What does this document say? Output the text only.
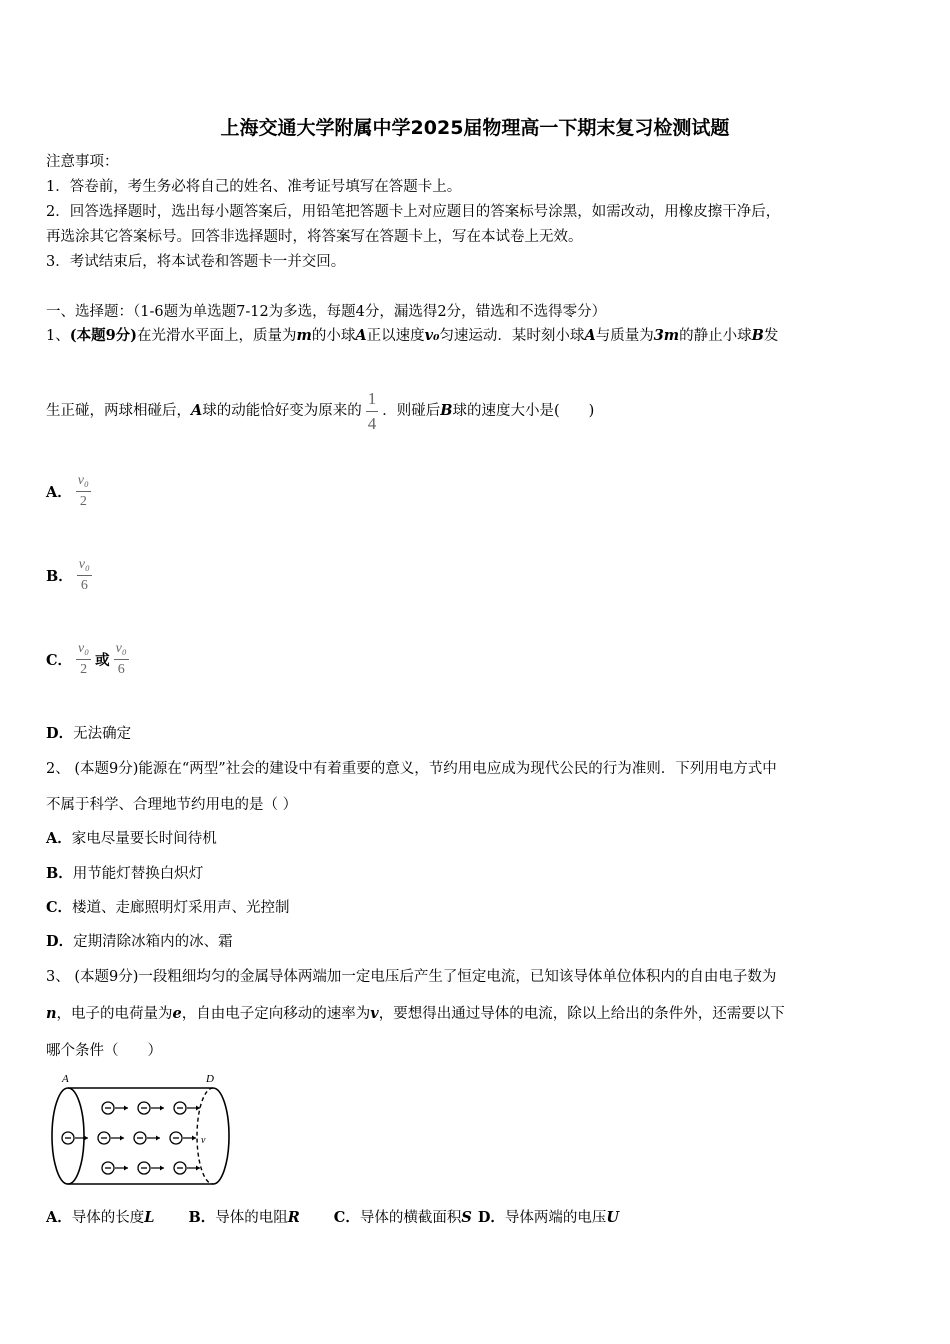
上海交通大学附属中学2025届物理高一下期末复习检测试题
注意事项：
1．答卷前，考生务必将自己的姓名、准考证号填写在答题卡上。
2．回答选择题时，选出每小题答案后，用铅笔把答题卡上对应题目的答案标号涂黑，如需改动，用橡皮擦干净后，
再选涂其它答案标号。回答非选择题时，将答案写在答题卡上，写在本试卷上无效。
3．考试结束后，将本试卷和答题卡一并交回。
一、选择题：（1-6题为单选题7-12为多选，每题4分，漏选得2分，错选和不选得零分）
1、(本题9分)在光滑水平面上，质量为m的小球A正以速度v₀匀速运动．某时刻小球A与质量为3m的静止小球B发
生正碰，两球相碰后，A球的动能恰好变为原来的 $\frac{1}{4}$ ．则碰后B球的速度大小是(　　)
A． $\frac{\text{v₀}}{2}$
B． $\frac{\text{v₀}}{6}$
C． $\frac{\text{v₀}}{2}$ 或 $\frac{\text{v₀}}{6}$
D．无法确定
2、 (本题9分)能源在“两型”社会的建设中有着重要的意义，节约用电应成为现代公民的行为准则．下列用电方式中
不属于科学、合理地节约用电的是（ ）
A．家电尽量要长时间待机
B．用节能灯替换白炽灯
C．楼道、走廊照明灯采用声、光控制
D．定期清除冰箱内的冰、霜
3、 (本题9分)一段粗细均匀的金属导体两端加一定电压后产生了恒定电流，已知该导体单位体积内的自由电子数为
n，电子的电荷量为e，自由电子定向移动的速率为v，要想得出通过导体的电流，除以上给出的条件外，还需要以下
哪个条件（　　）
A	D
v
A．导体的长度L B．导体的电阻R C．导体的横截面积S D．导体两端的电压U
